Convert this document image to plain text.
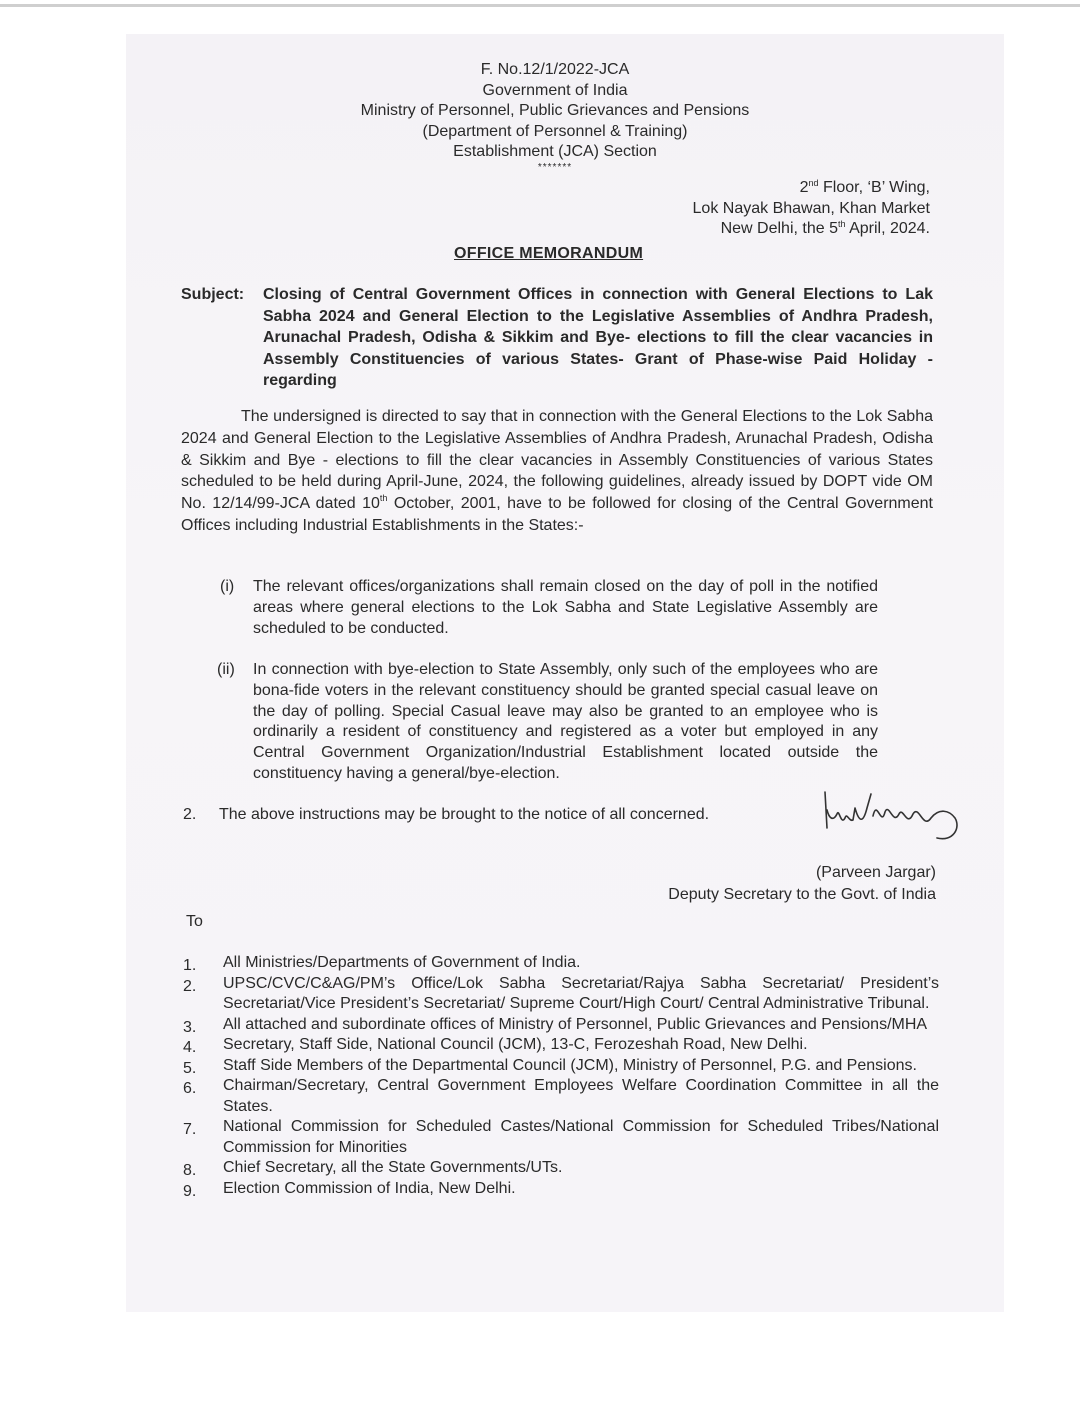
F. No.12/1/2022-JCA
Government of India
Ministry of Personnel, Public Grievances and Pensions
(Department of Personnel & Training)
Establishment (JCA) Section
*******
2nd Floor, ‘B’ Wing,
Lok Nayak Bhawan, Khan Market
New Delhi, the 5th April, 2024.
OFFICE MEMORANDUM
Subject: Closing of Central Government Offices in connection with General Elections to Lak Sabha 2024 and General Election to the Legislative Assemblies of Andhra Pradesh, Arunachal Pradesh, Odisha & Sikkim and Bye- elections to fill the clear vacancies in Assembly Constituencies of various States- Grant of Phase-wise Paid Holiday - regarding
The undersigned is directed to say that in connection with the General Elections to the Lok Sabha 2024 and General Election to the Legislative Assemblies of Andhra Pradesh, Arunachal Pradesh, Odisha & Sikkim and Bye - elections to fill the clear vacancies in Assembly Constituencies of various States scheduled to be held during April-June, 2024, the following guidelines, already issued by DOPT vide OM No. 12/14/99-JCA dated 10th October, 2001, have to be followed for closing of the Central Government Offices including Industrial Establishments in the States:-
(i) The relevant offices/organizations shall remain closed on the day of poll in the notified areas where general elections to the Lok Sabha and State Legislative Assembly are scheduled to be conducted.
(ii) In connection with bye-election to State Assembly, only such of the employees who are bona-fide voters in the relevant constituency should be granted special casual leave on the day of polling. Special Casual leave may also be granted to an employee who is ordinarily a resident of constituency and registered as a voter but employed in any Central Government Organization/Industrial Establishment located outside the constituency having a general/bye-election.
2. The above instructions may be brought to the notice of all concerned.
(Parveen Jargar)
Deputy Secretary to the Govt. of India
To
1. All Ministries/Departments of Government of India.
2. UPSC/CVC/C&AG/PM’s Office/Lok Sabha Secretariat/Rajya Sabha Secretariat/ President’s Secretariat/Vice President’s Secretariat/ Supreme Court/High Court/ Central Administrative Tribunal.
3. All attached and subordinate offices of Ministry of Personnel, Public Grievances and Pensions/MHA
4. Secretary, Staff Side, National Council (JCM), 13-C, Ferozeshah Road, New Delhi.
5. Staff Side Members of the Departmental Council (JCM), Ministry of Personnel, P.G. and Pensions.
6. Chairman/Secretary, Central Government Employees Welfare Coordination Committee in all the States.
7. National Commission for Scheduled Castes/National Commission for Scheduled Tribes/National Commission for Minorities
8. Chief Secretary, all the State Governments/UTs.
9. Election Commission of India, New Delhi.
